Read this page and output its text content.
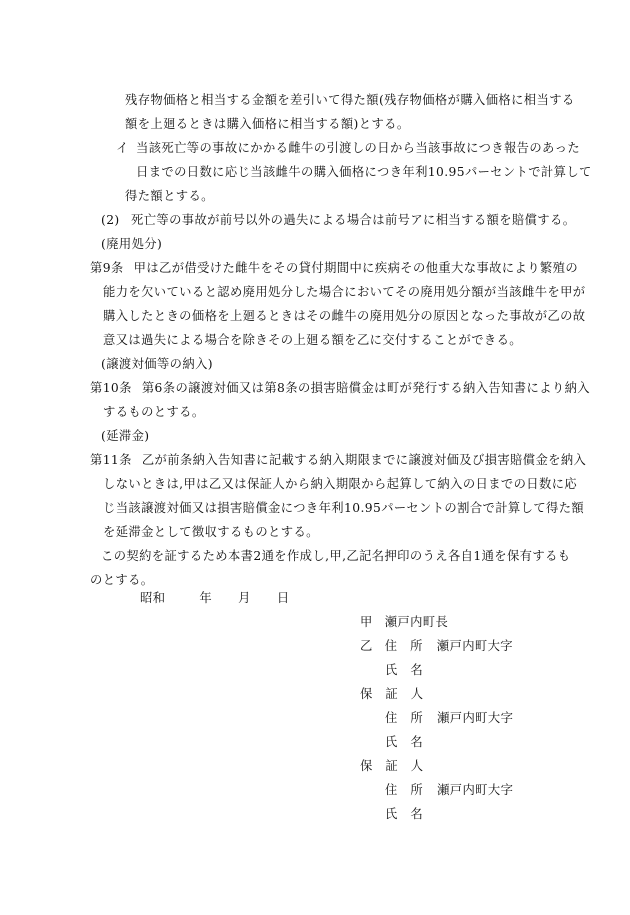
残存物価格と相当する金額を差引いて得た額(残存物価格が購入価格に相当する
額を上廻るときは購入価格に相当する額)とする。

イ 当該死亡等の事故にかかる雌牛の引渡しの日から当該事故につき報告のあった
日までの日数に応じ当該雌牛の購入価格につき年利10.95パーセントで計算して
得た額とする。

(2) 死亡等の事故が前号以外の過失による場合は前号アに相当する額を賠償する。
(廃用処分)

第9条 甲は乙が借受けた雌牛をその貸付期間中に疾病その他重大な事故により繁殖の
能力を欠いていると認め廃用処分した場合においてその廃用処分額が当該雌牛を甲が
購入したときの価格を上廻るときはその雌牛の廃用処分の原因となった事故が乙の故
意又は過失による場合を除きその上廻る額を乙に交付することができる。

(譲渡対価等の納入)

第10条 第6条の譲渡対価又は第8条の損害賠償金は町が発行する納入告知書により納入
するものとする。

(延滞金)

第11条 乙が前条納入告知書に記載する納入期限までに譲渡対価及び損害賠償金を納入
しないときは,甲は乙又は保証人から納入期限から起算して納入の日までの日数に応
じ当該譲渡対価又は損害賠償金につき年利10.95パーセントの割合で計算して得た額
を延滞金として徴収するものとする。

この契約を証するため本書2通を作成し,甲,乙記名押印のうえ各自1通を保有するも
のとする。

昭和	年 月 日
甲 瀬戸内町長
乙 住　所 瀬戸内町大字
氏　名
保　証　人
住　所 瀬戸内町大字
氏　名
保　証　人
住　所 瀬戸内町大字
氏　名
